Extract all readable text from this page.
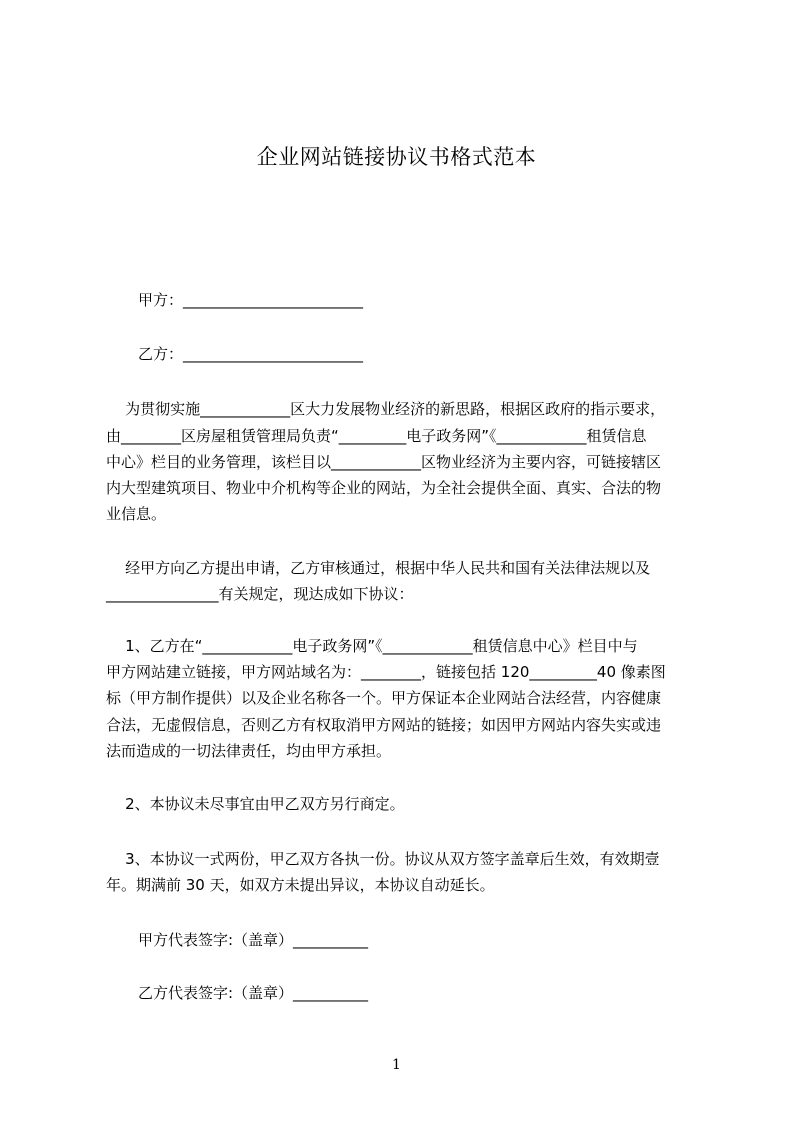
企业网站链接协议书格式范本
甲方：________________________
乙方：________________________
为贯彻实施____________区大力发展物业经济的新思路，根据区政府的指示要求，
由________区房屋租赁管理局负责“_________电子政务网”《____________租赁信息
中心》栏目的业务管理，该栏目以____________区物业经济为主要内容，可链接辖区
内大型建筑项目、物业中介机构等企业的网站，为全社会提供全面、真实、合法的物
业信息。
经甲方向乙方提出申请，乙方审核通过，根据中华人民共和国有关法律法规以及
_______________有关规定，现达成如下协议：
1、乙方在“____________电子政务网”《____________租赁信息中心》栏目中与
甲方网站建立链接，甲方网站域名为：________，链接包括 120_________40 像素图
标（甲方制作提供）以及企业名称各一个。甲方保证本企业网站合法经营，内容健康
合法，无虚假信息，否则乙方有权取消甲方网站的链接；如因甲方网站内容失实或违
法而造成的一切法律责任，均由甲方承担。
2、本协议未尽事宜由甲乙双方另行商定。
3、本协议一式两份，甲乙双方各执一份。协议从双方签字盖章后生效，有效期壹
年。期满前 30 天，如双方未提出异议，本协议自动延长。
甲方代表签字:（盖章）__________
乙方代表签字:（盖章）__________
1
